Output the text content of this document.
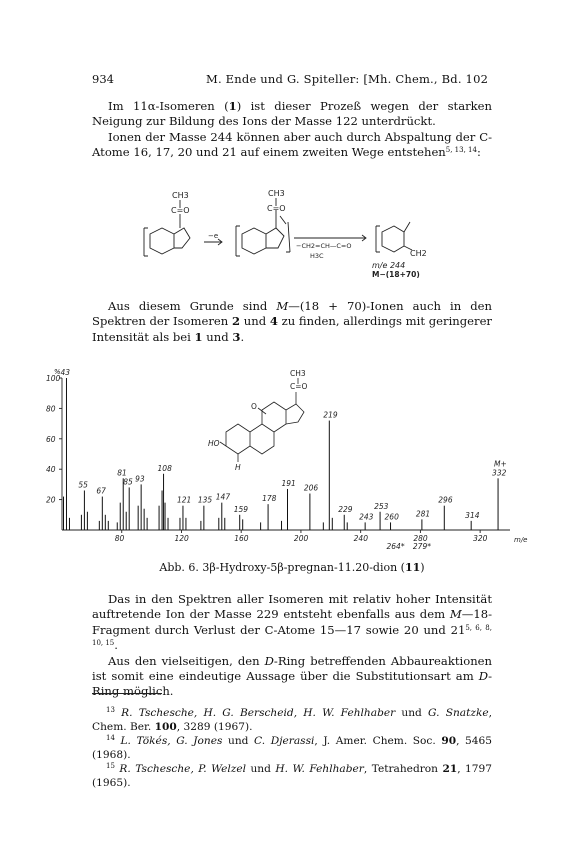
934	M. Ende und G. Spiteller: [Mh. Chem., Bd. 102

Im 11α-Isomeren (1) ist dieser Prozeß wegen der starken Neigung zur Bildung des Ions der Masse 122 unterdrückt.

Ionen der Masse 244 können aber auch durch Abspaltung der C-Atome 16, 17, 20 und 21 auf einem zweiten Wege entstehen$^{5, 13, 14}$:

CH3
C=O
−e
CH3
C=O
−CH2=CH—C=O
H3C	CH2
m/e 244
M−(18+70)

Aus diesem Grunde sind M—(18 + 70)-Ionen auch in den Spektren der Isomeren 2 und 4 zu finden, allerdings mit geringerer Intensität als bei 1 und 3.

%
20
40
60
80
100
80	120	160	200	240	280	320	m/e
43
55
67
81
85 93
108
121 135 147
159
178
191
206
219
229
243
253
260 281
296
314
332
M+
264* 279*
CH3
C=O
O
HO
H
Abb. 6. 3β-Hydroxy-5β-pregnan-11.20-dion (11)

Das in den Spektren aller Isomeren mit relativ hoher Intensität auftretende Ion der Masse 229 entsteht ebenfalls aus dem M—18-Fragment durch Verlust der C-Atome 15—17 sowie 20 und 21$^{5, 6, 8, 10, 15}$.

Aus den vielseitigen, den D-Ring betreffenden Abbaureaktionen ist somit eine eindeutige Aussage über die Substitutionsart am D-Ring möglich.

$^{13}$ R. Tschesche, H. G. Berscheid, H. W. Fehlhaber und G. Snatzke, Chem. Ber. 100, 3289 (1967).

$^{14}$ L. Tökés, G. Jones und C. Djerassi, J. Amer. Chem. Soc. 90, 5465 (1968).

$^{15}$ R. Tschesche, P. Welzel und H. W. Fehlhaber, Tetrahedron 21, 1797 (1965).
